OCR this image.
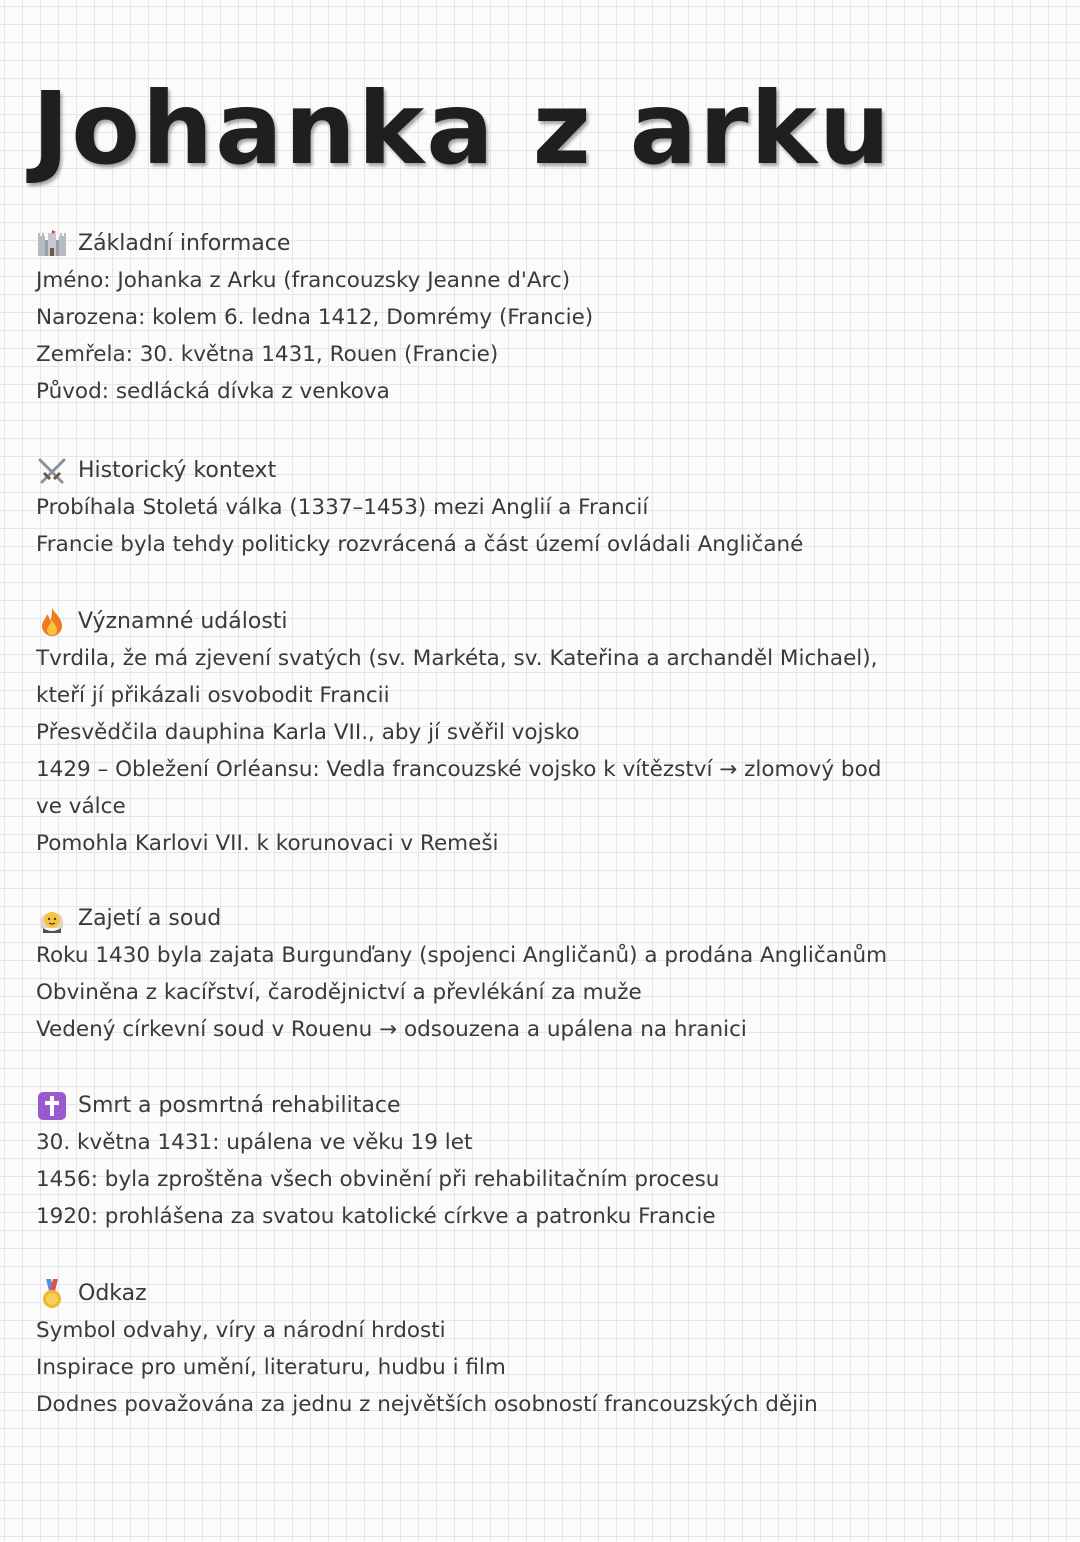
Johanka z arku
Základní informace
Jméno: Johanka z Arku (francouzsky Jeanne d'Arc)
Narozena: kolem 6. ledna 1412, Domrémy (Francie)
Zemřela: 30. května 1431, Rouen (Francie)
Původ: sedlácká dívka z venkova
Historický kontext
Probíhala Stoletá válka (1337–1453) mezi Anglií a Francií
Francie byla tehdy politicky rozvrácená a část území ovládali Angličané
Významné události
Tvrdila, že má zjevení svatých (sv. Markéta, sv. Kateřina a archanděl Michael),
kteří jí přikázali osvobodit Francii
Přesvědčila dauphina Karla VII., aby jí svěřil vojsko
1429 – Obležení Orléansu: Vedla francouzské vojsko k vítězství → zlomový bod
ve válce
Pomohla Karlovi VII. k korunovaci v Remeši
Zajetí a soud
Roku 1430 byla zajata Burgunďany (spojenci Angličanů) a prodána Angličanům
Obviněna z kacířství, čarodějnictví a převlékání za muže
Vedený církevní soud v Rouenu → odsouzena a upálena na hranici
Smrt a posmrtná rehabilitace
30. května 1431: upálena ve věku 19 let
1456: byla zproštěna všech obvinění při rehabilitačním procesu
1920: prohlášena za svatou katolické církve a patronku Francie
Odkaz
Symbol odvahy, víry a národní hrdosti
Inspirace pro umění, literaturu, hudbu i film
Dodnes považována za jednu z největších osobností francouzských dějin
